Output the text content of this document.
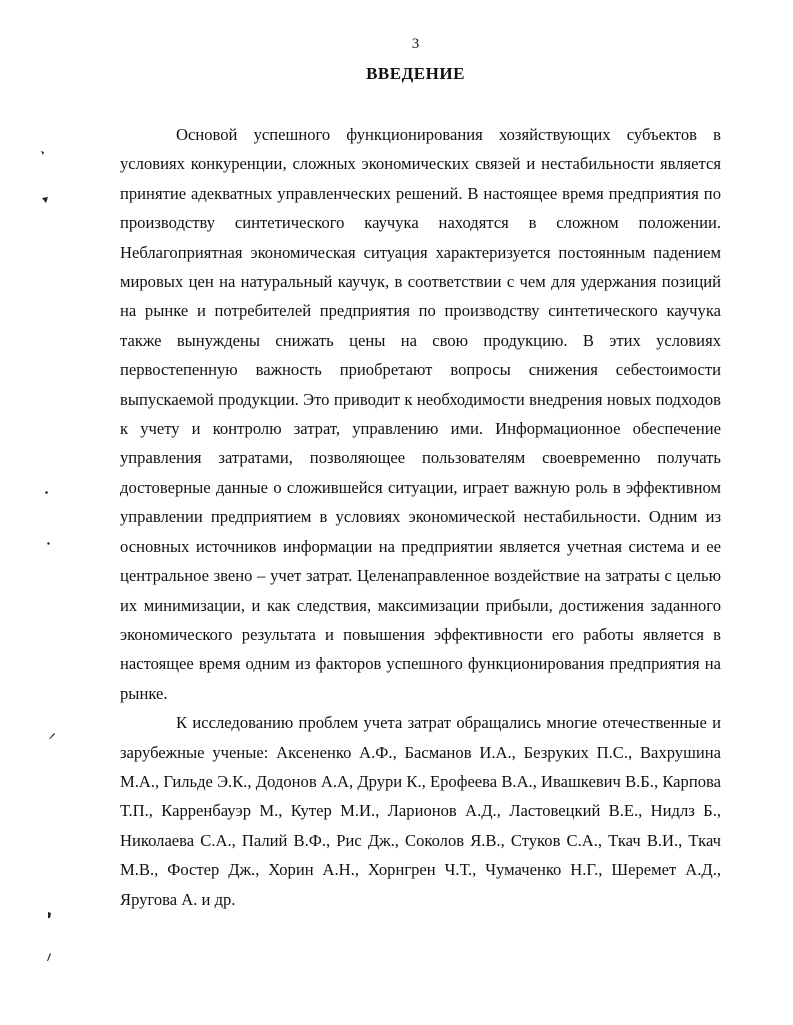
3
ВВЕДЕНИЕ

Основой успешного функционирования хозяйствующих субъектов в условиях конкуренции, сложных экономических связей и нестабильности является принятие адекватных управленческих решений. В настоящее время предприятия по производству синтетического каучука находятся в сложном положении. Неблагоприятная экономическая ситуация характеризуется постоянным падением мировых цен на натуральный каучук, в соответствии с чем для удержания позиций на рынке и потребителей предприятия по производству синтетического каучука также вынуждены снижать цены на свою продукцию. В этих условиях первостепенную важность приобретают вопросы снижения себестоимости выпускаемой продукции. Это приводит к необходимости внедрения новых подходов к учету и контролю затрат, управлению ими. Информационное обеспечение управления затратами, позволяющее пользователям своевременно получать достоверные данные о сложившейся ситуации, играет важную роль в эффективном управлении предприятием в условиях экономической нестабильности. Одним из основных источников информации на предприятии является учетная система и ее центральное звено – учет затрат. Целенаправленное воздействие на затраты с целью их минимизации, и как следствия, максимизации прибыли, достижения заданного экономического результата и повышения эффективности его работы является в настоящее время одним из факторов успешного функционирования предприятия на рынке.

К исследованию проблем учета затрат обращались многие отечественные и зарубежные ученые: Аксененко А.Ф., Басманов И.А., Безруких П.С., Вахрушина М.А., Гильде Э.К., Додонов А.А, Друри К., Ерофеева В.А., Ивашкевич В.Б., Карпова Т.П., Карренбауэр М., Кутер М.И., Ларионов А.Д., Ластовецкий В.Е., Нидлз Б., Николаева С.А., Палий В.Ф., Рис Дж., Соколов Я.В., Стуков С.А., Ткач В.И., Ткач М.В., Фостер Дж., Хорин А.Н., Хорнгрен Ч.Т., Чумаченко Н.Г., Шеремет А.Д., Яругова А. и др.
